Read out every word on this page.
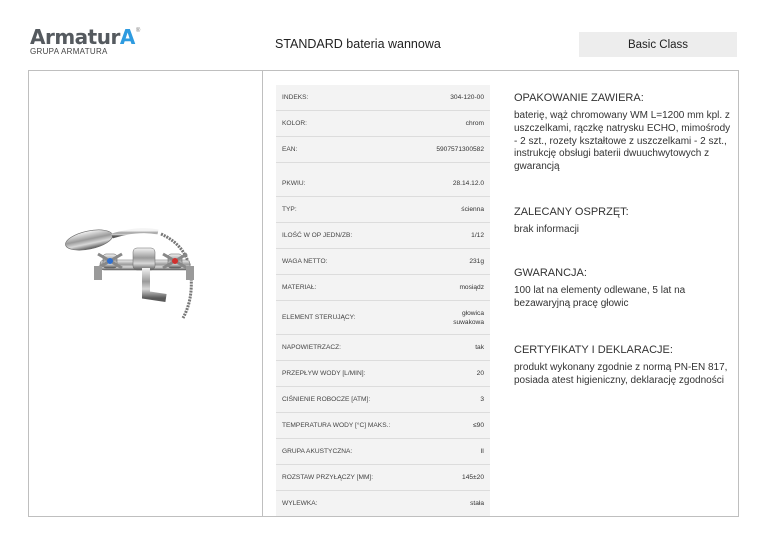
ArmaturA ®
GRUPA ARMATURA
STANDARD bateria wannowa	Basic Class
INDEKS:	304-120-00
KOLOR:	chrom
EAN:	5907571300582
PKWIU:	28.14.12.0
TYP:	ścienna
ILOŚĆ W OP JEDN/ZB:	1/12
WAGA NETTO:	231g
MATERIAŁ:	mosiądz
ELEMENT STERUJĄCY:
głowica suwakowa
NAPOWIETRZACZ:	tak
PRZEPŁYW WODY [L/MIN]:	20
CIŚNIENIE ROBOCZE [ATM]:	3
TEMPERATURA WODY [°C] MAKS.:	≤90
GRUPA AKUSTYCZNA:	II
ROZSTAW PRZYŁĄCZY [MM]:	145±20
WYLEWKA:	stała
OPAKOWANIE ZAWIERA:

baterię, wąż chromowany WM L=1200 mm kpl. z uszczelkami, rączkę natrysku ECHO, mimośrody - 2 szt., rozety kształtowe z uszczelkami - 2 szt., instrukcję obsługi baterii dwuuchwytowych z gwarancją

ZALECANY OSPRZĘT:

brak informacji

GWARANCJA:

100 lat na elementy odlewane, 5 lat na bezawaryjną pracę głowic

CERTYFIKATY I DEKLARACJE:

produkt wykonany zgodnie z normą PN-EN 817, posiada atest higieniczny, deklarację zgodności
